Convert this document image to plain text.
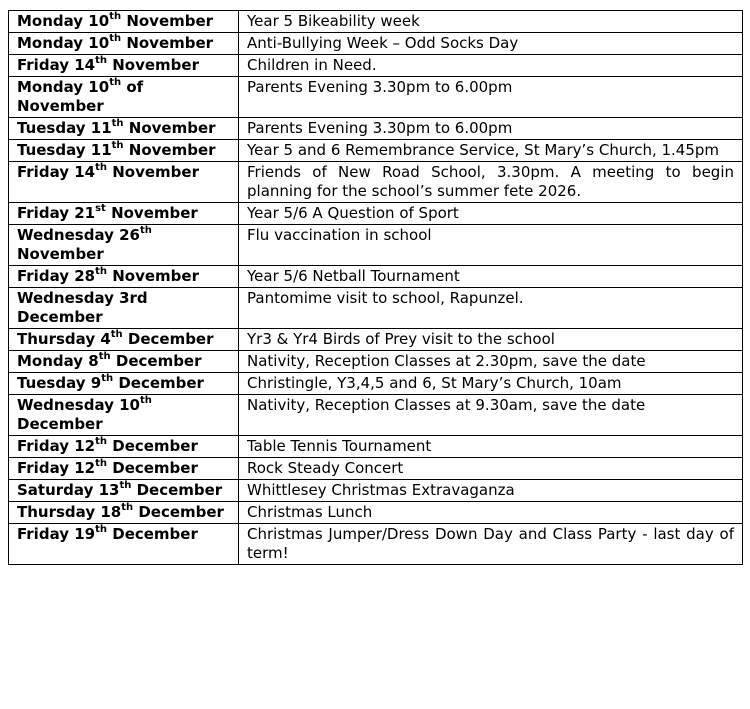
Monday 10th November	Year 5 Bikeability week
Monday 10th November	Anti-Bullying Week – Odd Socks Day
Friday 14th November	Children in Need.
Monday 10th of November	Parents Evening 3.30pm to 6.00pm
Tuesday 11th November	Parents Evening 3.30pm to 6.00pm
Tuesday 11th November	Year 5 and 6 Remembrance Service, St Mary’s Church, 1.45pm
Friday 14th November	Friends of New Road School, 3.30pm. A meeting to begin planning for the school’s summer fete 2026.
Friday 21st November	Year 5/6 A Question of Sport
Wednesday 26th November	Flu vaccination in school
Friday 28th November	Year 5/6 Netball Tournament
Wednesday 3rd December	Pantomime visit to school, Rapunzel.
Thursday 4th December	Yr3 & Yr4 Birds of Prey visit to the school
Monday 8th December	Nativity, Reception Classes at 2.30pm, save the date
Tuesday 9th December	Christingle, Y3,4,5 and 6, St Mary’s Church, 10am
Wednesday 10th December	Nativity, Reception Classes at 9.30am, save the date
Friday 12th December	Table Tennis Tournament
Friday 12th December	Rock Steady Concert
Saturday 13th December	Whittlesey Christmas Extravaganza
Thursday 18th December	Christmas Lunch
Friday 19th December	Christmas Jumper/Dress Down Day and Class Party - last day of term!
